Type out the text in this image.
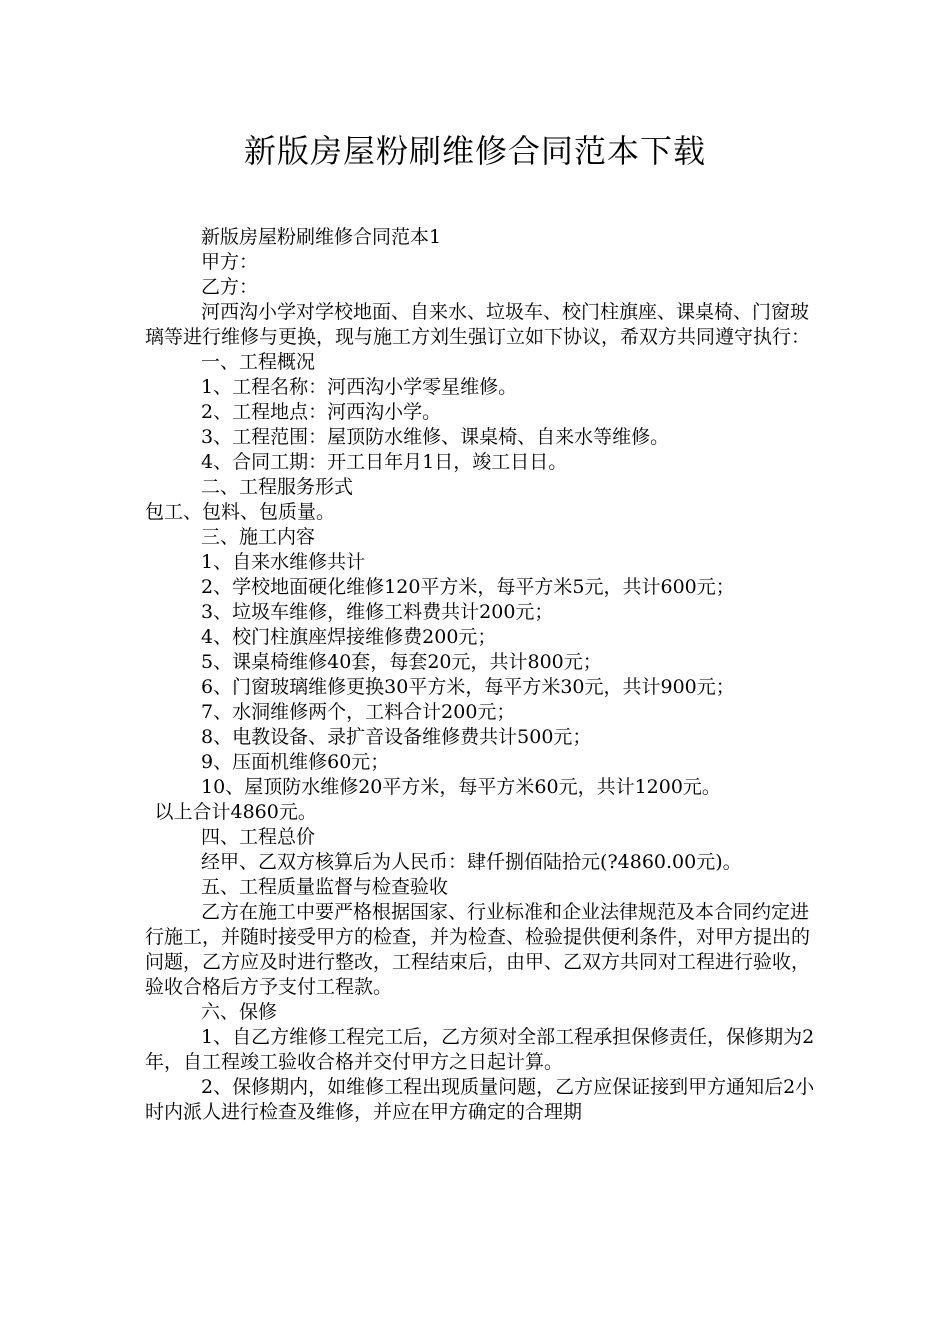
新版房屋粉刷维修合同范本下载

新版房屋粉刷维修合同范本1

甲方：

乙方：

河西沟小学对学校地面、自来水、垃圾车、校门柱旗座、课桌椅、门窗玻璃等进行维修与更换，现与施工方刘生强订立如下协议，希双方共同遵守执行：

一、工程概况

1、工程名称：河西沟小学零星维修。

2、工程地点：河西沟小学。

3、工程范围：屋顶防水维修、课桌椅、自来水等维修。

4、合同工期：开工日年月1日，竣工日日。

二、工程服务形式

包工、包料、包质量。

三、施工内容

1、自来水维修共计

2、学校地面硬化维修120平方米，每平方米5元，共计600元；

3、垃圾车维修，维修工料费共计200元；

4、校门柱旗座焊接维修费200元；

5、课桌椅维修40套，每套20元，共计800元；

6、门窗玻璃维修更换30平方米，每平方米30元，共计900元；

7、水洞维修两个，工料合计200元；

8、电教设备、录扩音设备维修费共计500元；

9、压面机维修60元；

10、屋顶防水维修20平方米，每平方米60元，共计1200元。

以上合计4860元。

四、工程总价

经甲、乙双方核算后为人民币：肆仟捌佰陆拾元(?4860.00元)。

五、工程质量监督与检查验收

乙方在施工中要严格根据国家、行业标准和企业法律规范及本合同约定进行施工，并随时接受甲方的检查，并为检查、检验提供便利条件，对甲方提出的问题，乙方应及时进行整改，工程结束后，由甲、乙双方共同对工程进行验收，验收合格后方予支付工程款。

六、保修

1、自乙方维修工程完工后，乙方须对全部工程承担保修责任，保修期为2年，自工程竣工验收合格并交付甲方之日起计算。

2、保修期内，如维修工程出现质量问题，乙方应保证接到甲方通知后2小时内派人进行检查及维修，并应在甲方确定的合理期
